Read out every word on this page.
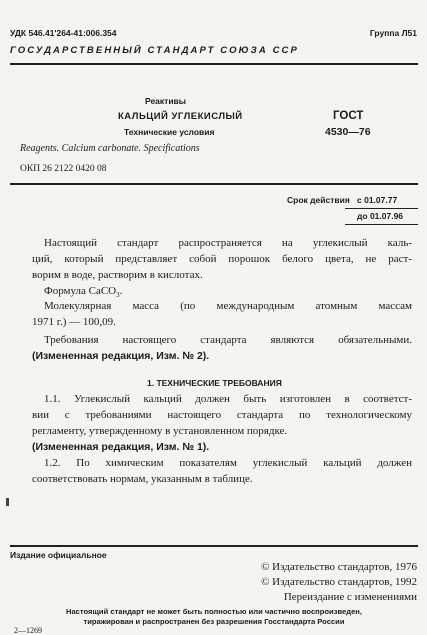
УДК 546.41'264-41:006.354	Группа Л51
ГОСУДАРСТВЕННЫЙ СТАНДАРТ СОЮЗА ССР
Реактивы
КАЛЬЦИЙ УГЛЕКИСЛЫЙ
Технические условия
ГОСТ
4530—76
Reagents. Calcium carbonate. Specifications
ОКП 26 2122 0420 08
Срок действия с 01.07.77
до 01.07.96
Настоящий стандарт распространяется на углекислый каль-
ций, который представляет собой порошок белого цвета, не раст-
ворим в воде, растворим в кислотах.
Формула CaCO$_3$.
Молекулярная масса (по международным атомным массам
1971 г.) — 100,09.
Требования настоящего стандарта являются обязательными.
(Измененная редакция, Изм. № 2).
1. ТЕХНИЧЕСКИЕ ТРЕБОВАНИЯ
1.1. Углекислый кальций должен быть изготовлен в соответст-
вии с требованиями настоящего стандарта по технологическому
регламенту, утвержденному в установленном порядке.
(Измененная редакция, Изм. № 1).
1.2. По химическим показателям углекислый кальций должен
соответствовать нормам, указанным в таблице.
Издание официальное
© Издательство стандартов, 1976
© Издательство стандартов, 1992
Переиздание с изменениями
Настоящий стандарт не может быть полностью или частично воспроизведен,
тиражирован и распространен без разрешения Госстандарта России
2—1269
